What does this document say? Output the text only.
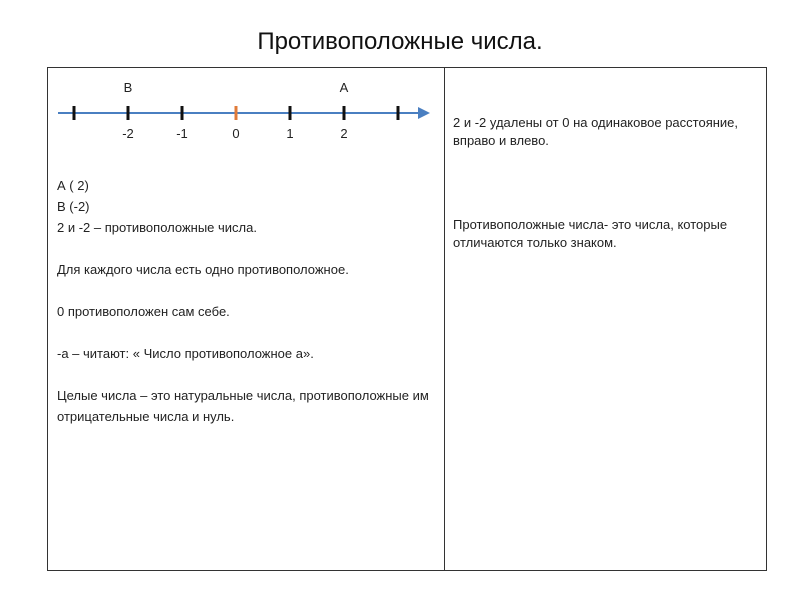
Противоположные числа.
-2	-1	0	1	2
B	A

А ( 2)

В (-2)

2 и -2 – противоположные числа.

Для каждого числа есть одно противоположное.

0 противоположен сам себе.

-а – читают: « Число противоположное а».

Целые числа – это натуральные числа, противоположные им отрицательные числа и нуль.

2 и -2 удалены от 0 на одинаковое расстояние, вправо и влево.

Противоположные числа- это числа, которые отличаются только знаком.
